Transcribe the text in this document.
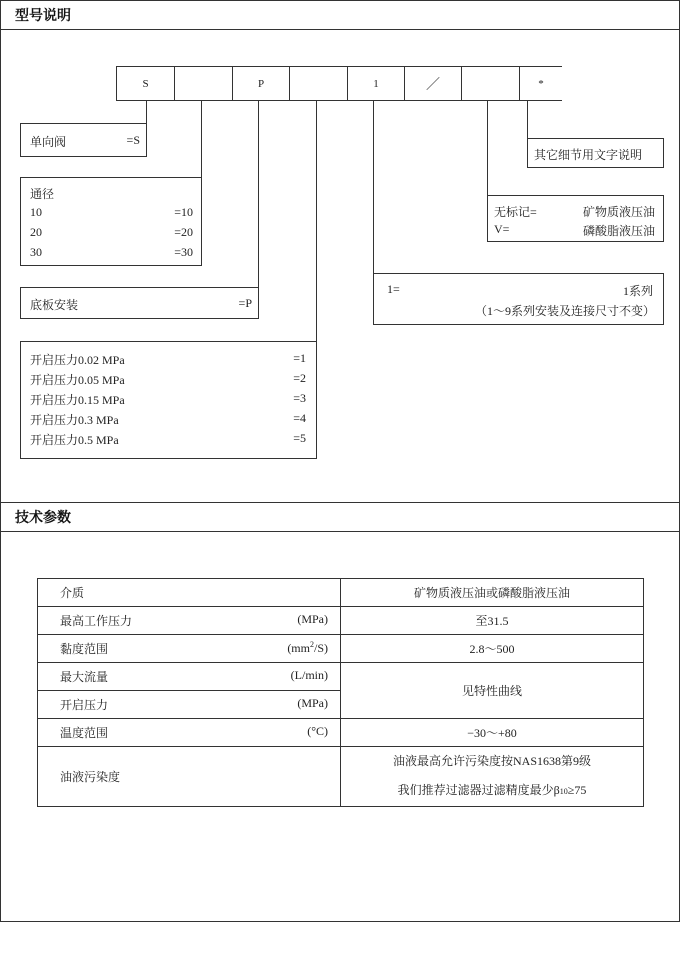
型号说明
S	P	1	／	*
单向阀	=S
通径
10	=10
20	=20
30	=30
底板安装	=P
开启压力0.02 MPa	=1
开启压力0.05 MPa	=2
开启压力0.15 MPa	=3
开启压力0.3 MPa	=4
开启压力0.5 MPa	=5
1=	1系列
（1～9系列安装及连接尺寸不变）
无标记=	矿物质液压油
V=	磷酸脂液压油
其它细节用文字说明
技术参数
介质	矿物质液压油或磷酸脂液压油

最高工作压力 (MPa)	至31.5

黏度范围 $(mm^2/S)$	2.8～500

最大流量 (L/min)	见特性曲线

开启压力 (MPa)	

温度范围 (°C)	−30～+80

油液污染度	油液最高允许污染度按NAS1638第9级
我们推荐过滤器过滤精度最少β10≥75
